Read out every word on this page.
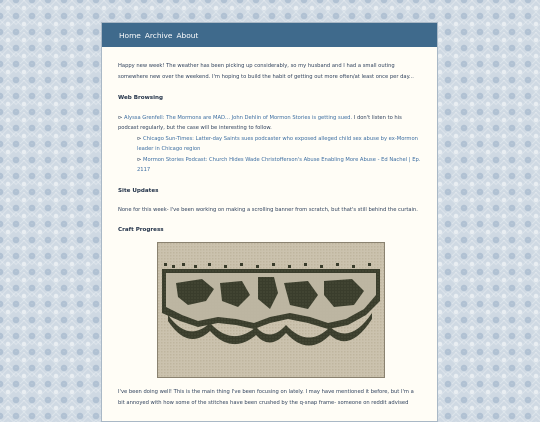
Home Archive About

Happy new week! The weather has been picking up considerably, so my husband and I had a small outing somewhere new over the weekend. I'm hoping to build the habit of getting out more often/at least once per day...

Web Browsing

⊳ Alyssa Grenfell: The Mormons are MAD... John Dehlin of Mormon Stories is getting sued. I don't listen to his podcast regularly, but the case will be interesting to follow.

⊳ Chicago Sun-Times: Latter-day Saints sues podcaster who exposed alleged child sex abuse by ex-Mormon leader in Chicago region

⊳ Mormon Stories Podcast: Church Hides Wade Christofferson's Abuse Enabling More Abuse - Ed Nachel | Ep. 2117

Site Updates

None for this week- I've been working on making a scrolling banner from scratch, but that's still behind the curtain.

Craft Progress

I've been doing well! This is the main thing I've been focusing on lately. I may have mentioned it before, but I'm a bit annoyed with how some of the stitches have been crushed by the q-snap frame- someone on reddit advised
